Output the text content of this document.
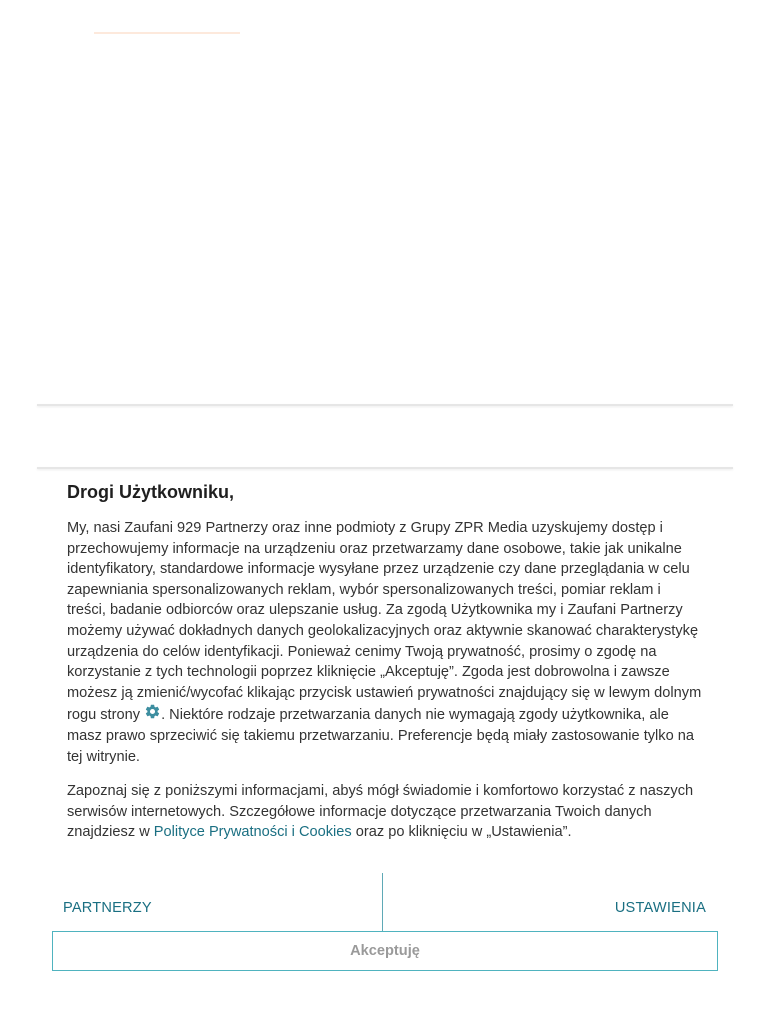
Drogi Użytkowniku,

My, nasi Zaufani 929 Partnerzy oraz inne podmioty z Grupy ZPR Media uzyskujemy dostęp i przechowujemy informacje na urządzeniu oraz przetwarzamy dane osobowe, takie jak unikalne identyfikatory, standardowe informacje wysyłane przez urządzenie czy dane przeglądania w celu zapewniania spersonalizowanych reklam, wybór spersonalizowanych treści, pomiar reklam i treści, badanie odbiorców oraz ulepszanie usług. Za zgodą Użytkownika my i Zaufani Partnerzy możemy używać dokładnych danych geolokalizacyjnych oraz aktywnie skanować charakterystykę urządzenia do celów identyfikacji. Ponieważ cenimy Twoją prywatność, prosimy o zgodę na korzystanie z tych technologii poprzez kliknięcie „Akceptuję”. Zgoda jest dobrowolna i zawsze możesz ją zmienić/wycofać klikając przycisk ustawień prywatności znajdujący się w lewym dolnym rogu strony . Niektóre rodzaje przetwarzania danych nie wymagają zgody użytkownika, ale masz prawo sprzeciwić się takiemu przetwarzaniu. Preferencje będą miały zastosowanie tylko na tej witrynie.

Zapoznaj się z poniższymi informacjami, abyś mógł świadomie i komfortowo korzystać z naszych serwisów internetowych. Szczegółowe informacje dotyczące przetwarzania Twoich danych znajdziesz w Polityce Prywatności i Cookies oraz po kliknięciu w „Ustawienia”.

PARTNERZY	USTAWIENIA
Akceptuję
